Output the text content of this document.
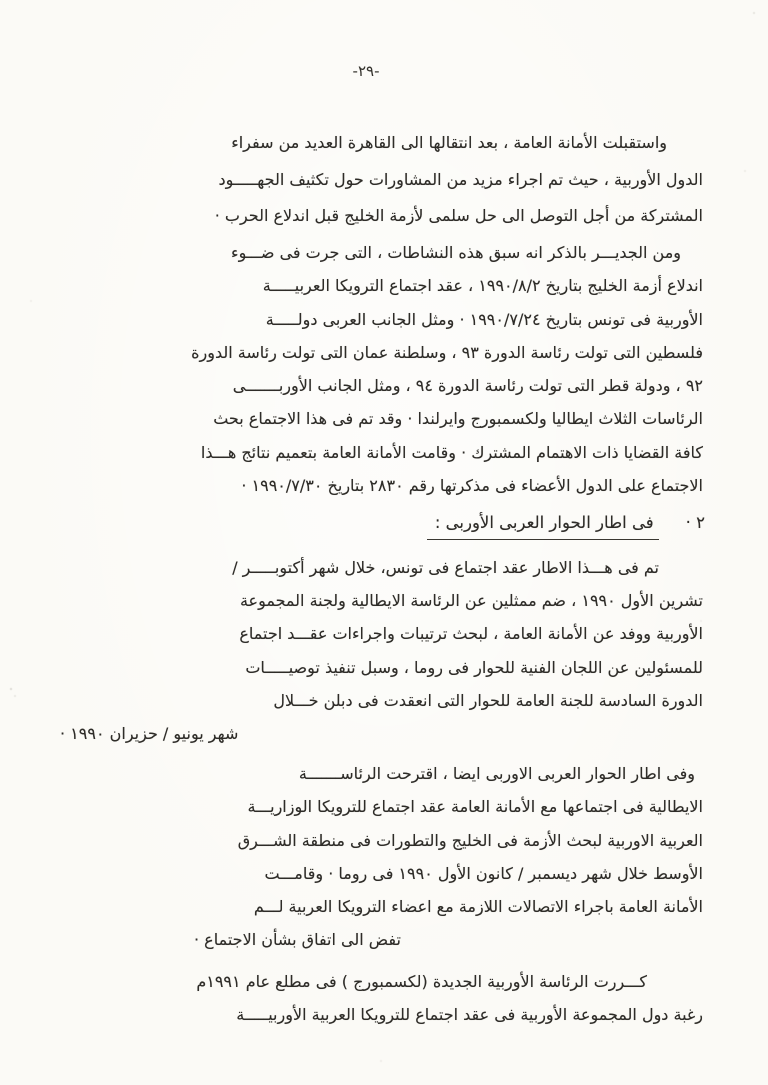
-٢٩-
واستقبلت الأمانة العامة ، بعد انتقالها الى القاهرة العديد من سفراء
الدول الأوربية ، حيث تم اجراء مزيد من المشاورات حول تكثيف الجهـــــود
المشتركة من أجل التوصل الى حل سلمى لأزمة الخليج قبل اندلاع الحرب ·
ومن الجديـــر بالذكر انه سبق هذه النشاطات ، التى جرت فى ضـــوء
اندلاع أزمة الخليج بتاريخ ١٩٩٠/٨/٢ ، عقد اجتماع الترويكا العربيـــــة
الأوربية فى تونس بتاريخ ١٩٩٠/٧/٢٤ · ومثل الجانب العربى دولـــــة
فلسطين التى تولت رئاسة الدورة ٩٣ ، وسلطنة عمان التى تولت رئاسة الدورة
٩٢ ، ودولة قطر التى تولت رئاسة الدورة ٩٤ ، ومثل الجانب الأوربـــــــى
الرئاسات الثلاث ايطاليا ولكسمبورج وايرلندا · وقد تم فى هذا الاجتماع بحث
كافة القضايا ذات الاهتمام المشترك · وقامت الأمانة العامة بتعميم نتائج هـــذا
الاجتماع على الدول الأعضاء فى مذكرتها رقم ٢٨٣٠ بتاريخ ١٩٩٠/٧/٣٠ ·
٢ ·
فى اطار الحوار العربى الأوربى :
تم فى هـــذا الاطار عقد اجتماع فى تونس، خلال شهر أكتوبـــــر /
تشرين الأول ١٩٩٠ ، ضم ممثلين عن الرئاسة الايطالية ولجنة المجموعة
الأوربية ووفد عن الأمانة العامة ، لبحث ترتيبات واجراءات عقـــد اجتماع
للمسئولين عن اللجان الفنية للحوار فى روما ، وسبل تنفيذ توصيـــــات
الدورة السادسة للجنة العامة للحوار التى انعقدت فى دبلن خـــلال
شهر يونيو / حزيران ١٩٩٠ ·
وفى اطار الحوار العربى الاوربى ايضا ، اقترحت الرئاســـــــة
الايطالية فى اجتماعها مع الأمانة العامة عقد اجتماع للترويكا الوزاريـــة
العربية الاوربية لبحث الأزمة فى الخليج والتطورات فى منطقة الشـــرق
الأوسط خلال شهر ديسمبر / كانون الأول ١٩٩٠ فى روما · وقامـــت
الأمانة العامة باجراء الاتصالات اللازمة مع اعضاء الترويكا العربية لـــم
تفض الى اتفاق بشأن الاجتماع ·
كـــررت الرئاسة الأوربية الجديدة (لكسمبورج ) فى مطلع عام ١٩٩١م
رغبة دول المجموعة الأوربية فى عقد اجتماع للترويكا العربية الأوربيـــــة
